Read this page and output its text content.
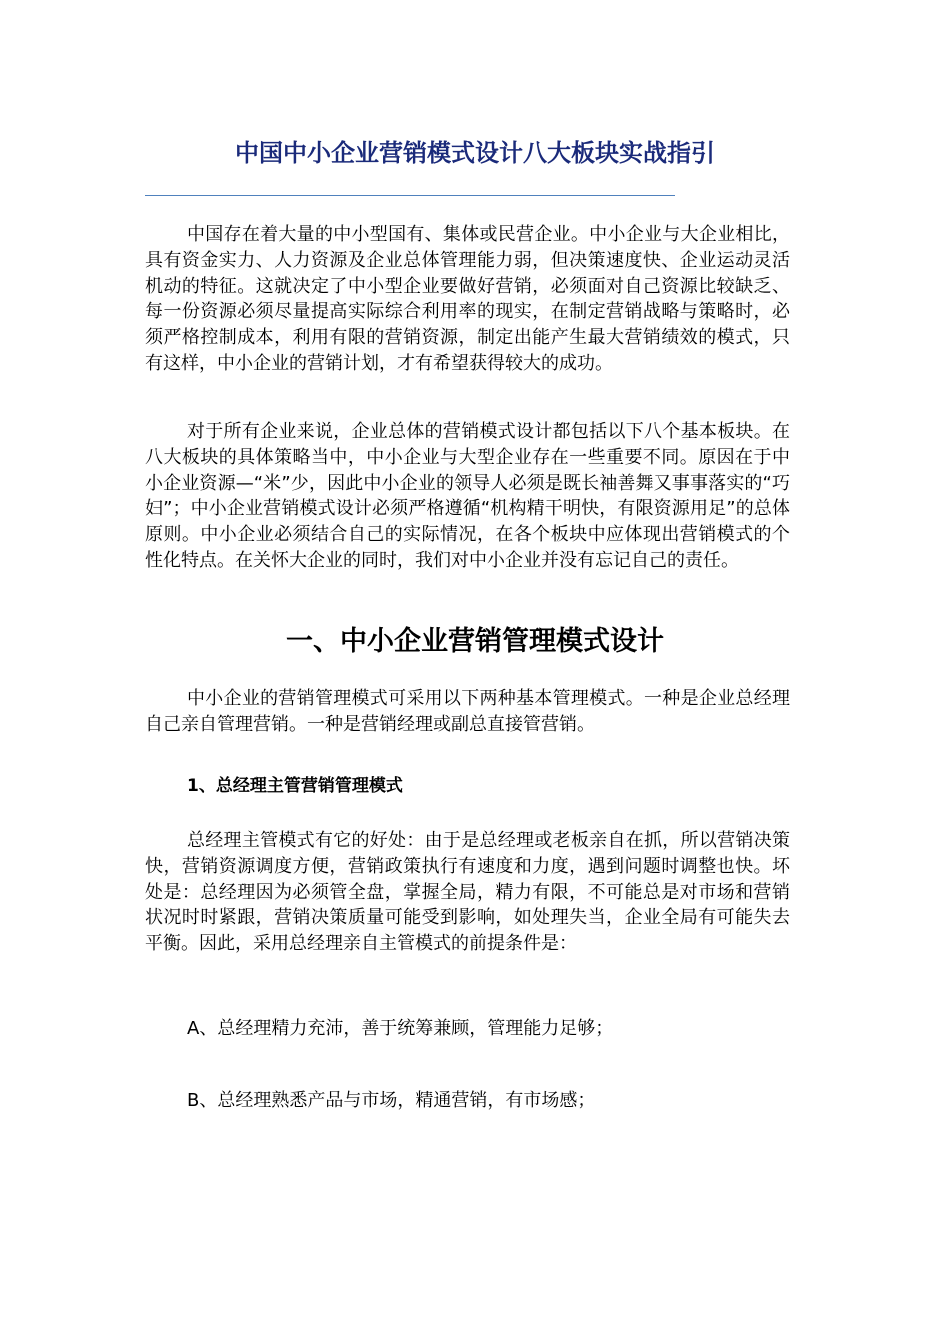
中国中小企业营销模式设计八大板块实战指引

中国存在着大量的中小型国有、集体或民营企业。中小企业与大企业相比，具有资金实力、人力资源及企业总体管理能力弱，但决策速度快、企业运动灵活机动的特征。这就决定了中小型企业要做好营销，必须面对自己资源比较缺乏、每一份资源必须尽量提高实际综合利用率的现实，在制定营销战略与策略时，必须严格控制成本，利用有限的营销资源，制定出能产生最大营销绩效的模式，只有这样，中小企业的营销计划，才有希望获得较大的成功。

对于所有企业来说，企业总体的营销模式设计都包括以下八个基本板块。在八大板块的具体策略当中，中小企业与大型企业存在一些重要不同。原因在于中小企业资源—“米”少，因此中小企业的领导人必须是既长袖善舞又事事落实的“巧妇”；中小企业营销模式设计必须严格遵循“机构精干明快，有限资源用足”的总体原则。中小企业必须结合自己的实际情况，在各个板块中应体现出营销模式的个性化特点。在关怀大企业的同时，我们对中小企业并没有忘记自己的责任。

一、中小企业营销管理模式设计

中小企业的营销管理模式可采用以下两种基本管理模式。一种是企业总经理自己亲自管理营销。一种是营销经理或副总直接管营销。

1、总经理主管营销管理模式

总经理主管模式有它的好处：由于是总经理或老板亲自在抓，所以营销决策快，营销资源调度方便，营销政策执行有速度和力度，遇到问题时调整也快。坏处是：总经理因为必须管全盘，掌握全局，精力有限，不可能总是对市场和营销状况时时紧跟，营销决策质量可能受到影响，如处理失当，企业全局有可能失去平衡。因此，采用总经理亲自主管模式的前提条件是：

A、总经理精力充沛，善于统筹兼顾，管理能力足够；
B、总经理熟悉产品与市场，精通营销，有市场感；
